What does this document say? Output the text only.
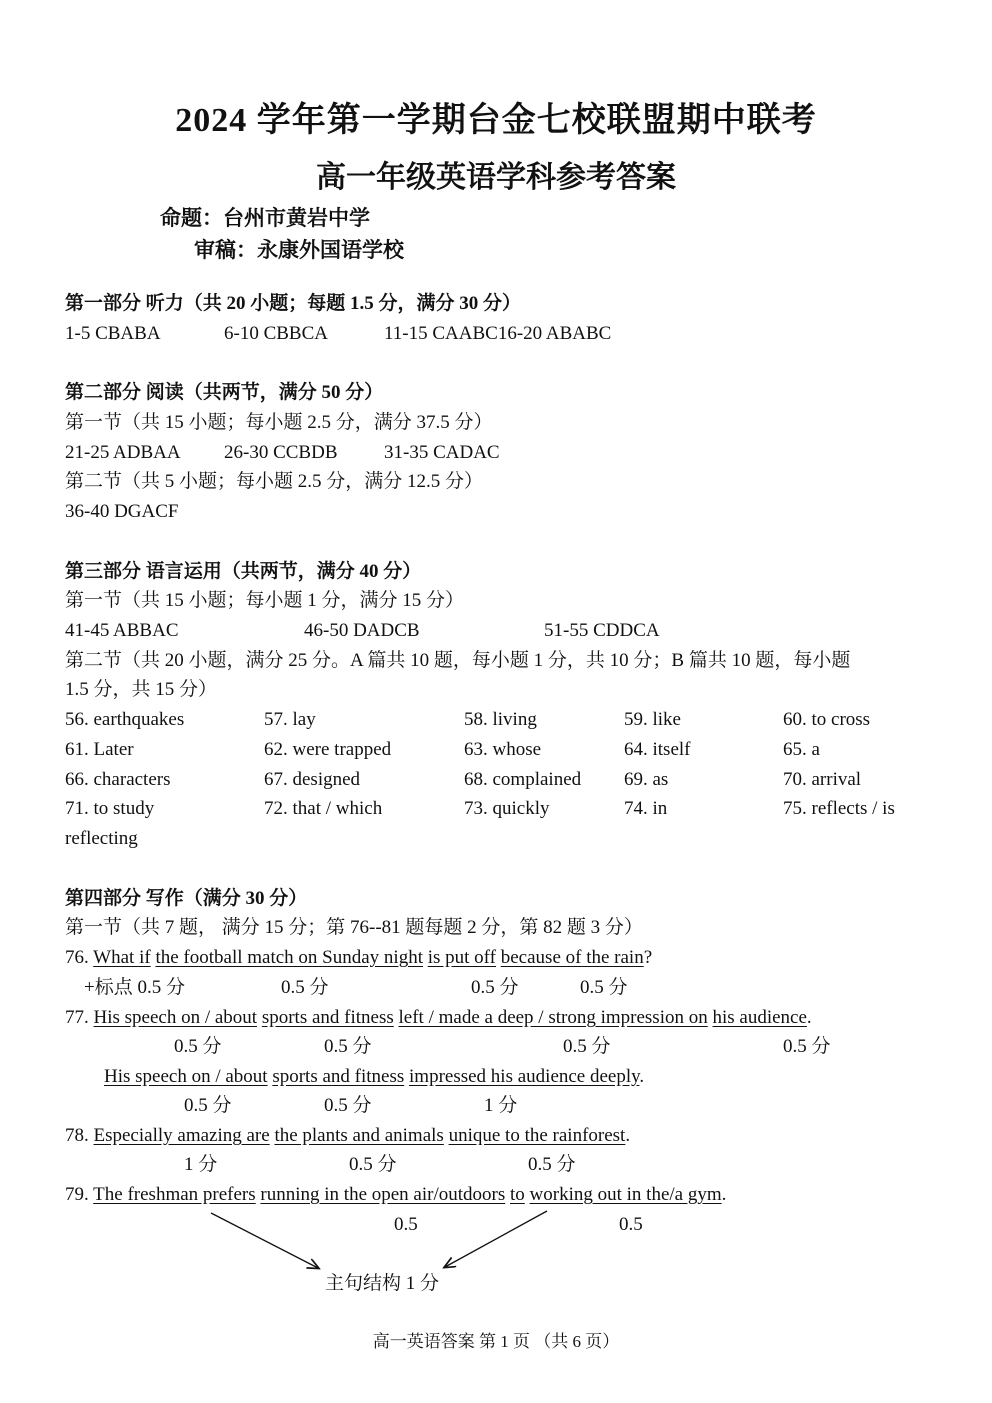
2024 学年第一学期台金七校联盟期中联考
高一年级英语学科参考答案
命题：台州市黄岩中学
审稿：永康外国语学校
第一部分 听力（共 20 小题；每题 1.5 分，满分 30 分）
1-5 CBABA	6-10 CBBCA	11-15 CAABC16-20 ABABC
第二部分 阅读（共两节，满分 50 分）
第一节（共 15 小题；每小题 2.5 分，满分 37.5 分）
21-25 ADBAA 26-30 CCBDB 31-35 CADAC
第二节（共 5 小题；每小题 2.5 分，满分 12.5 分）
36-40 DGACF
第三部分 语言运用（共两节，满分 40 分）
第一节（共 15 小题；每小题 1 分，满分 15 分）
41-45 ABBAC	46-50 DADCB	51-55 CDDCA
第二节（共 20 小题，满分 25 分。A 篇共 10 题，每小题 1 分，共 10 分；B 篇共 10 题，每小题
1.5 分，共 15 分）
56. earthquakes	57. lay	58. living	59. like	60. to cross
61. Later	62. were trapped	63. whose	64. itself	65. a
66. characters	67. designed	68. complained 69. as	70. arrival
71. to study	72. that / which	73. quickly	74. in	75. reflects / is
reflecting
第四部分 写作（满分 30 分）
第一节（共 7 题， 满分 15 分；第 76--81 题每题 2 分，第 82 题 3 分）
76. What if the football match on Sunday night is put off because of the rain?
+标点 0.5 分	0.5 分	0.5 分	0.5 分
77. His speech on / about sports and fitness left / made a deep / strong impression on his audience.
0.5 分	0.5 分	0.5 分	0.5 分
His speech on / about sports and fitness impressed his audience deeply.
0.5 分	0.5 分	1 分
78. Especially amazing are the plants and animals unique to the rainforest.
1 分	0.5 分	0.5 分
79. The freshman prefers running in the open air/outdoors to working out in the/a gym.
0.5	0.5
主句结构 1 分
高一英语答案 第 1 页 （共 6 页）
